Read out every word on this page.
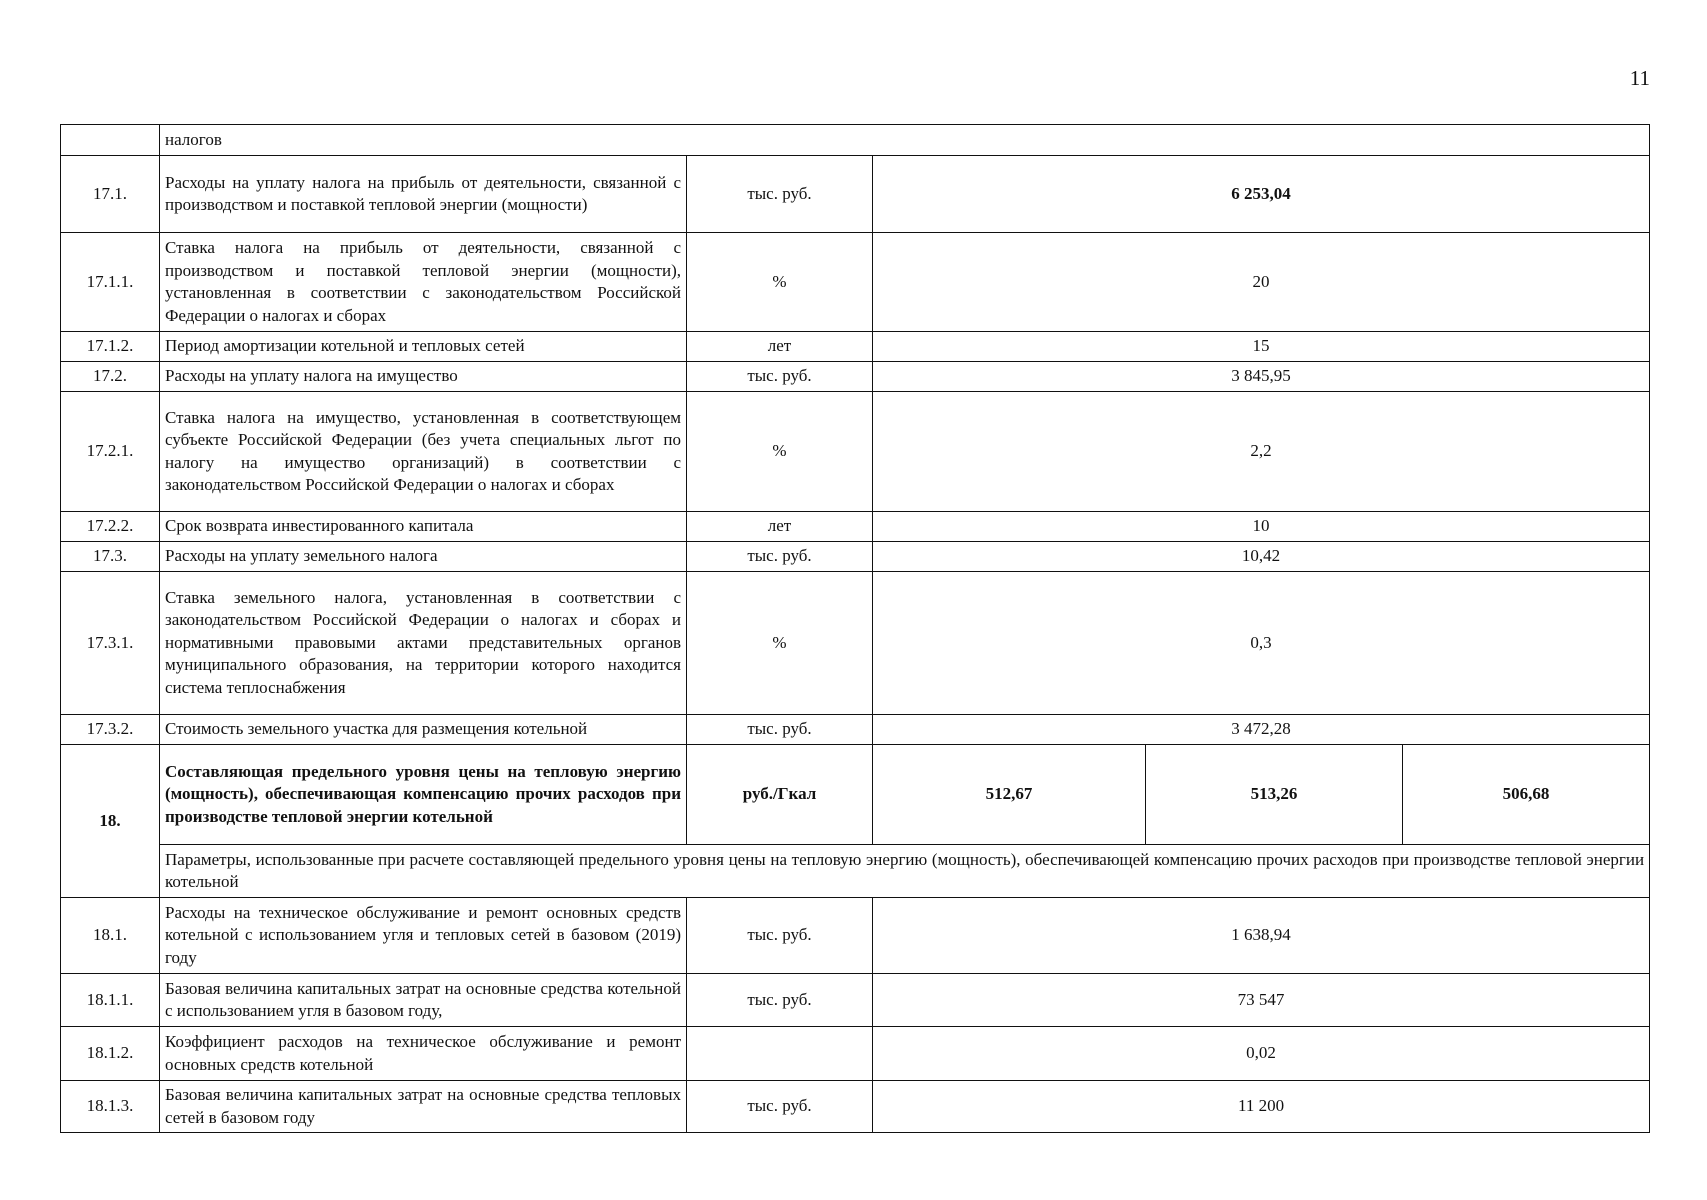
11
	налогов				
17.1.	Расходы на уплату налога на прибыль от деятельности, связанной с производством и поставкой тепловой энергии (мощности)	тыс. руб.	6 253,04		
17.1.1.	Ставка налога на прибыль от деятельности, связанной с производством и поставкой тепловой энергии (мощности), установленная в соответствии с законодательством Российской Федерации о налогах и сборах	%	20		
17.1.2.	Период амортизации котельной и тепловых сетей	лет	15		
17.2.	Расходы на уплату налога на имущество	тыс. руб.	3 845,95		
17.2.1.	Ставка налога на имущество, установленная в соответствующем субъекте Российской Федерации (без учета специальных льгот по налогу на имущество организаций) в соответствии с законодательством Российской Федерации о налогах и сборах	%	2,2		
17.2.2.	Срок возврата инвестированного капитала	лет	10		
17.3.	Расходы на уплату земельного налога	тыс. руб.	10,42		
17.3.1.	Ставка земельного налога, установленная в соответствии с законодательством Российской Федерации о налогах и сборах и нормативными правовыми актами представительных органов муниципального образования, на территории которого находится система теплоснабжения	%	0,3		
17.3.2.	Стоимость земельного участка для размещения котельной	тыс. руб.	3 472,28		
18.	Составляющая предельного уровня цены на тепловую энергию (мощность), обеспечивающая компенсацию прочих расходов при производстве тепловой энергии котельной	руб./Гкал	512,67	513,26	506,68
	Параметры, использованные при расчете составляющей предельного уровня цены на тепловую энергию (мощность), обеспечивающей компенсацию прочих расходов при производстве тепловой энергии котельной				
18.1.	Расходы на техническое обслуживание и ремонт основных средств котельной с использованием угля и тепловых сетей в базовом (2019) году	тыс. руб.	1 638,94		
18.1.1.	Базовая величина капитальных затрат на основные средства котельной с использованием угля в базовом году,	тыс. руб.	73 547		
18.1.2.	Коэффициент расходов на техническое обслуживание и ремонт основных средств котельной		0,02		
18.1.3.	Базовая величина капитальных затрат на основные средства тепловых сетей в базовом году	тыс. руб.	11 200		
